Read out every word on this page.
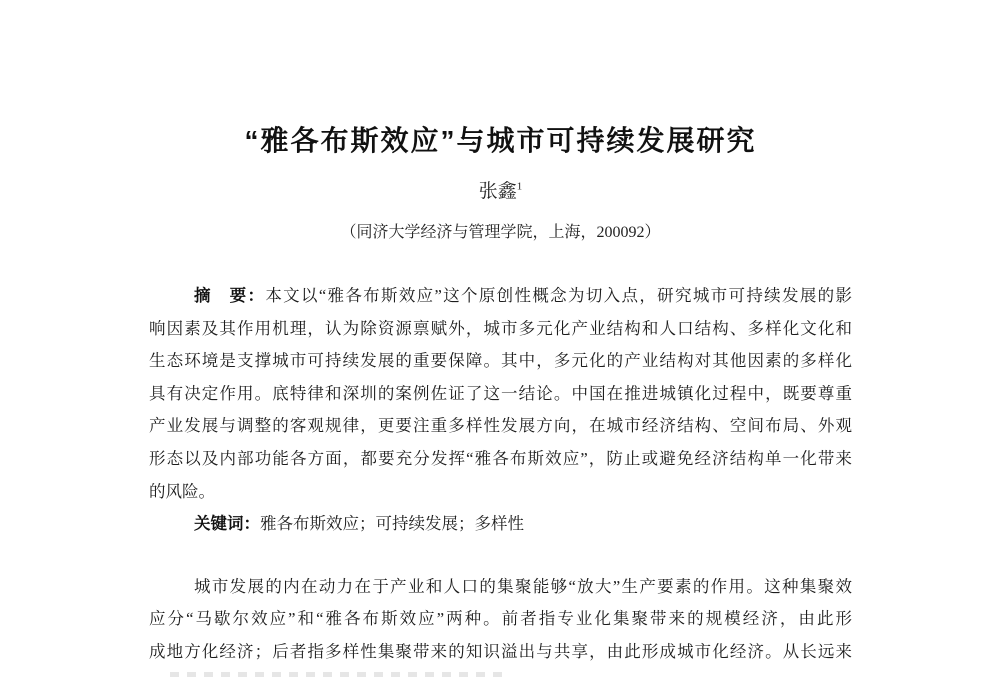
“雅各布斯效应”与城市可持续发展研究
张鑫$^1$
（同济大学经济与管理学院，上海，200092）
摘　要：本文以“雅各布斯效应”这个原创性概念为切入点，研究城市可持续发展的影
响因素及其作用机理，认为除资源禀赋外，城市多元化产业结构和人口结构、多样化文化和
生态环境是支撑城市可持续发展的重要保障。其中，多元化的产业结构对其他因素的多样化
具有决定作用。底特律和深圳的案例佐证了这一结论。中国在推进城镇化过程中，既要尊重
产业发展与调整的客观规律，更要注重多样性发展方向，在城市经济结构、空间布局、外观
形态以及内部功能各方面，都要充分发挥“雅各布斯效应”，防止或避免经济结构单一化带来
的风险。
关键词：雅各布斯效应；可持续发展；多样性
城市发展的内在动力在于产业和人口的集聚能够“放大”生产要素的作用。这种集聚效
应分“马歇尔效应”和“雅各布斯效应”两种。前者指专业化集聚带来的规模经济，由此形
成地方化经济；后者指多样性集聚带来的知识溢出与共享，由此形成城市化经济。从长远来
